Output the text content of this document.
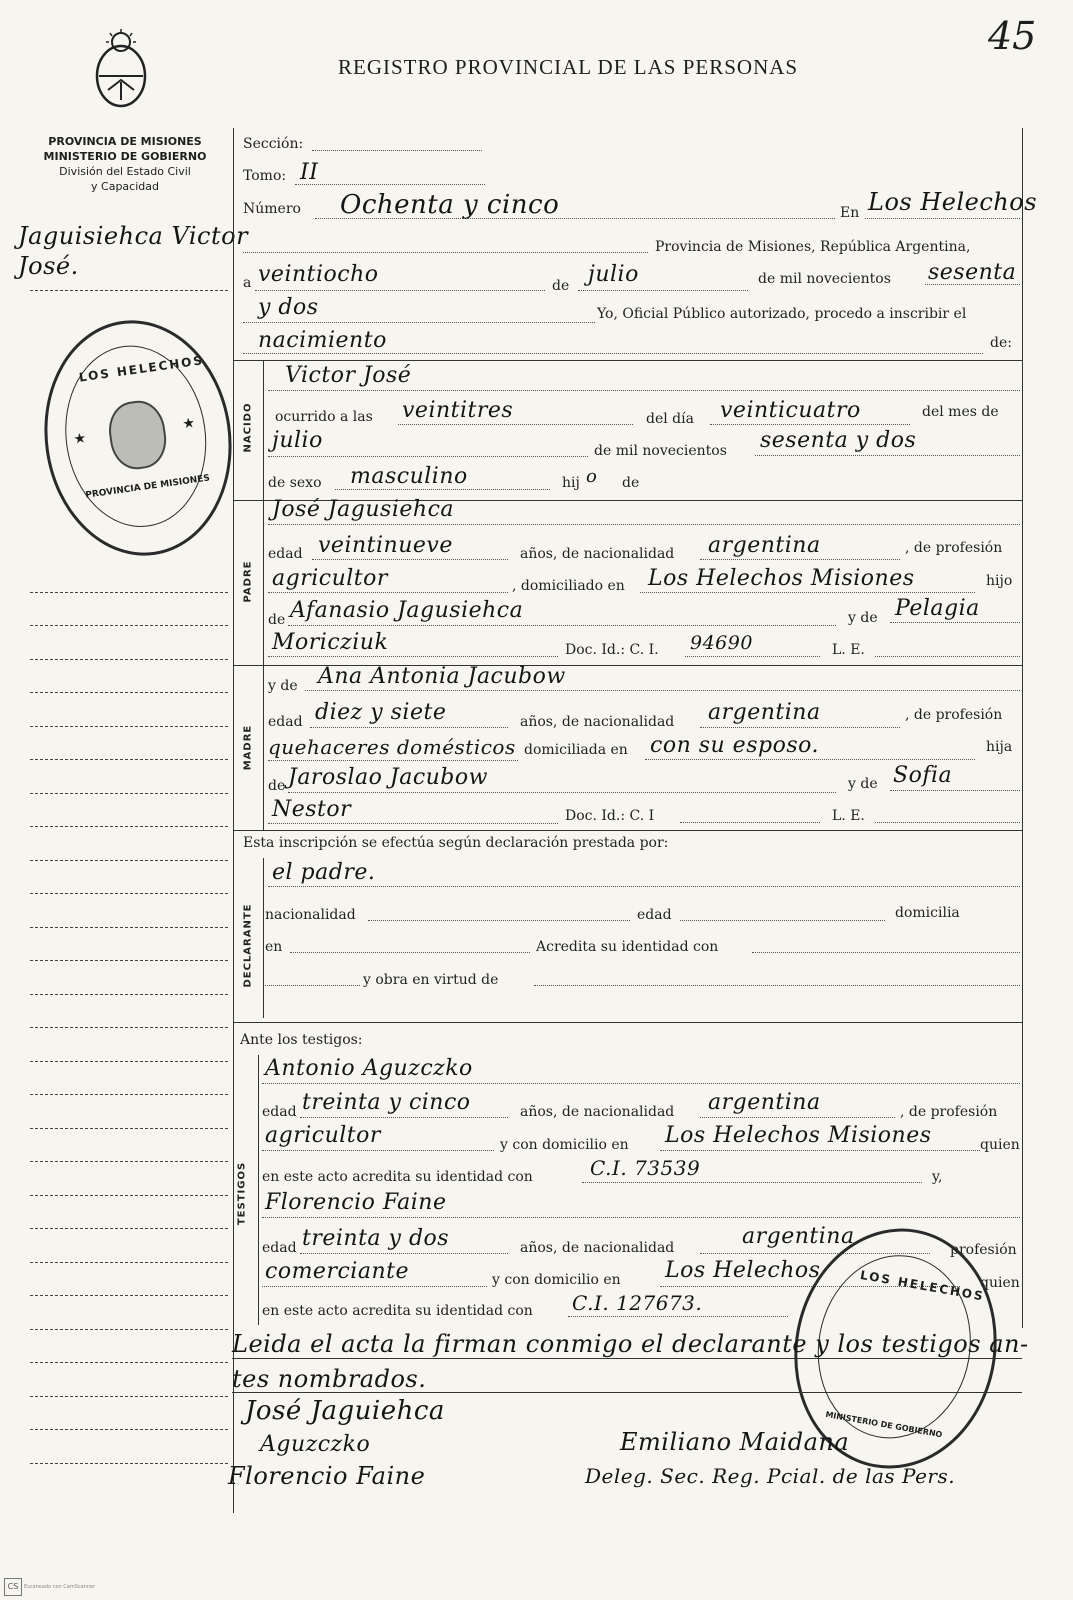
45
REGISTRO PROVINCIAL DE LAS PERSONAS
PROVINCIA DE MISIONES
MINISTERIO DE GOBIERNO
División del Estado Civil
y Capacidad
Jaguisiehca Victor
José.
LOS HELECHOS
PROVINCIA DE MISIONES
★
★
Sección:
Tomo: II
Número Ochenta y cinco	En Los Helechos
Provincia de Misiones, República Argentina,
a veintiocho	de julio	de mil novecientos sesenta
y dos	Yo, Oficial Público autorizado, procedo a inscribir el
nacimiento	de:
NACIDO
Victor José
ocurrido a las veintitres	del día veinticuatro	del mes de
julio	de mil novecientos sesenta y dos
de sexo masculino	hij o de
PADRE
José Jagusiehca
edad veintinueve	años, de nacionalidad argentina	, de profesión
agricultor	, domiciliado en Los Helechos Misiones	hijo
de Afanasio Jagusiehca	y de Pelagia
Moricziuk	Doc. Id.: C. I. 94690	L. E.
MADRE
y de Ana Antonia Jacubow
edad diez y siete	años, de nacionalidad argentina	, de profesión
quehaceres domésticos domiciliada en con su esposo.	hija
de Jaroslao Jacubow	y de Sofia
Nestor	Doc. Id.: C. I	L. E.
Esta inscripción se efectúa según declaración prestada por:
DECLARANTE
el padre.
nacionalidad	edad	domicilia
en	Acredita su identidad con
y obra en virtud de
Ante los testigos:
TESTIGOS
Antonio Aguzczko
edad treinta y cinco	años, de nacionalidad argentina	, de profesión
agricultor	y con domicilio en Los Helechos Misiones	quien
en este acto acredita su identidad con	C.I. 73539	y,
Florencio Faine
edad treinta y dos	años, de nacionalidad	argentina
profesión
comerciante	y con domicilio en Los Helechos	quien
en este acto acredita su identidad con C.I. 127673.	LOS HELECHOS
MINISTERIO DE GOBIERNO
Leida el acta la firman conmigo el declarante y los testigos an-
tes nombrados.
José Jaguiehca
Aguzczko
Florencio Faine
Emiliano Maidana
Deleg. Sec. Reg. Pcial. de las Pers.
CS	Escaneado con CamScanner
